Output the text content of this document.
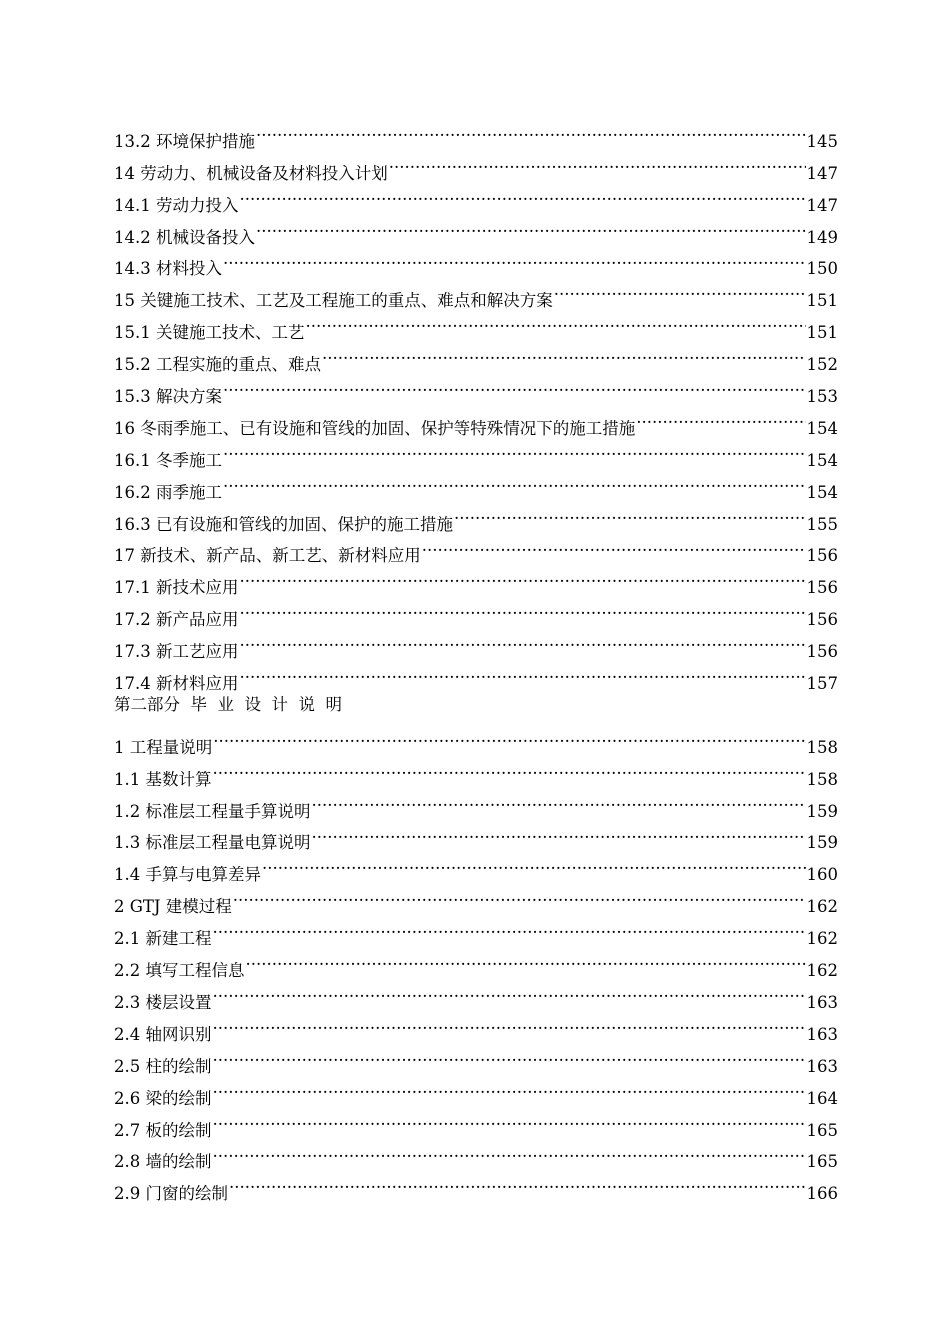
13.2 环境保护措施 .....	145
14 劳动力、机械设备及材料投入计划 .....	147
14.1 劳动力投入 .....	147
14.2 机械设备投入 .....	149
14.3 材料投入 .....	150
15 关键施工技术、工艺及工程施工的重点、难点和解决方案 .....	151
15.1 关键施工技术、工艺 .....	151
15.2 工程实施的重点、难点 .....	152
15.3 解决方案 .....	153
16 冬雨季施工、已有设施和管线的加固、保护等特殊情况下的施工措施 .....	154
16.1 冬季施工 .....	154
16.2 雨季施工 .....	154
16.3 已有设施和管线的加固、保护的施工措施 .....	155
17 新技术、新产品、新工艺、新材料应用 .....	156
17.1 新技术应用 .....	156
17.2 新产品应用 .....	156
17.3 新工艺应用 .....	156
17.4 新材料应用 .....	157
第二部分  毕  业  设  计  说  明
1 工程量说明 .....	158
1.1 基数计算 .....	158
1.2 标准层工程量手算说明 .....	159
1.3 标准层工程量电算说明 .....	159
1.4 手算与电算差异 .....	160
2 GTJ 建模过程 .....	162
2.1 新建工程 .....	162
2.2 填写工程信息 .....	162
2.3 楼层设置 .....	163
2.4 轴网识别 .....	163
2.5 柱的绘制 .....	163
2.6 梁的绘制 .....	164
2.7 板的绘制 .....	165
2.8 墙的绘制 .....	165
2.9 门窗的绘制 .....	166
